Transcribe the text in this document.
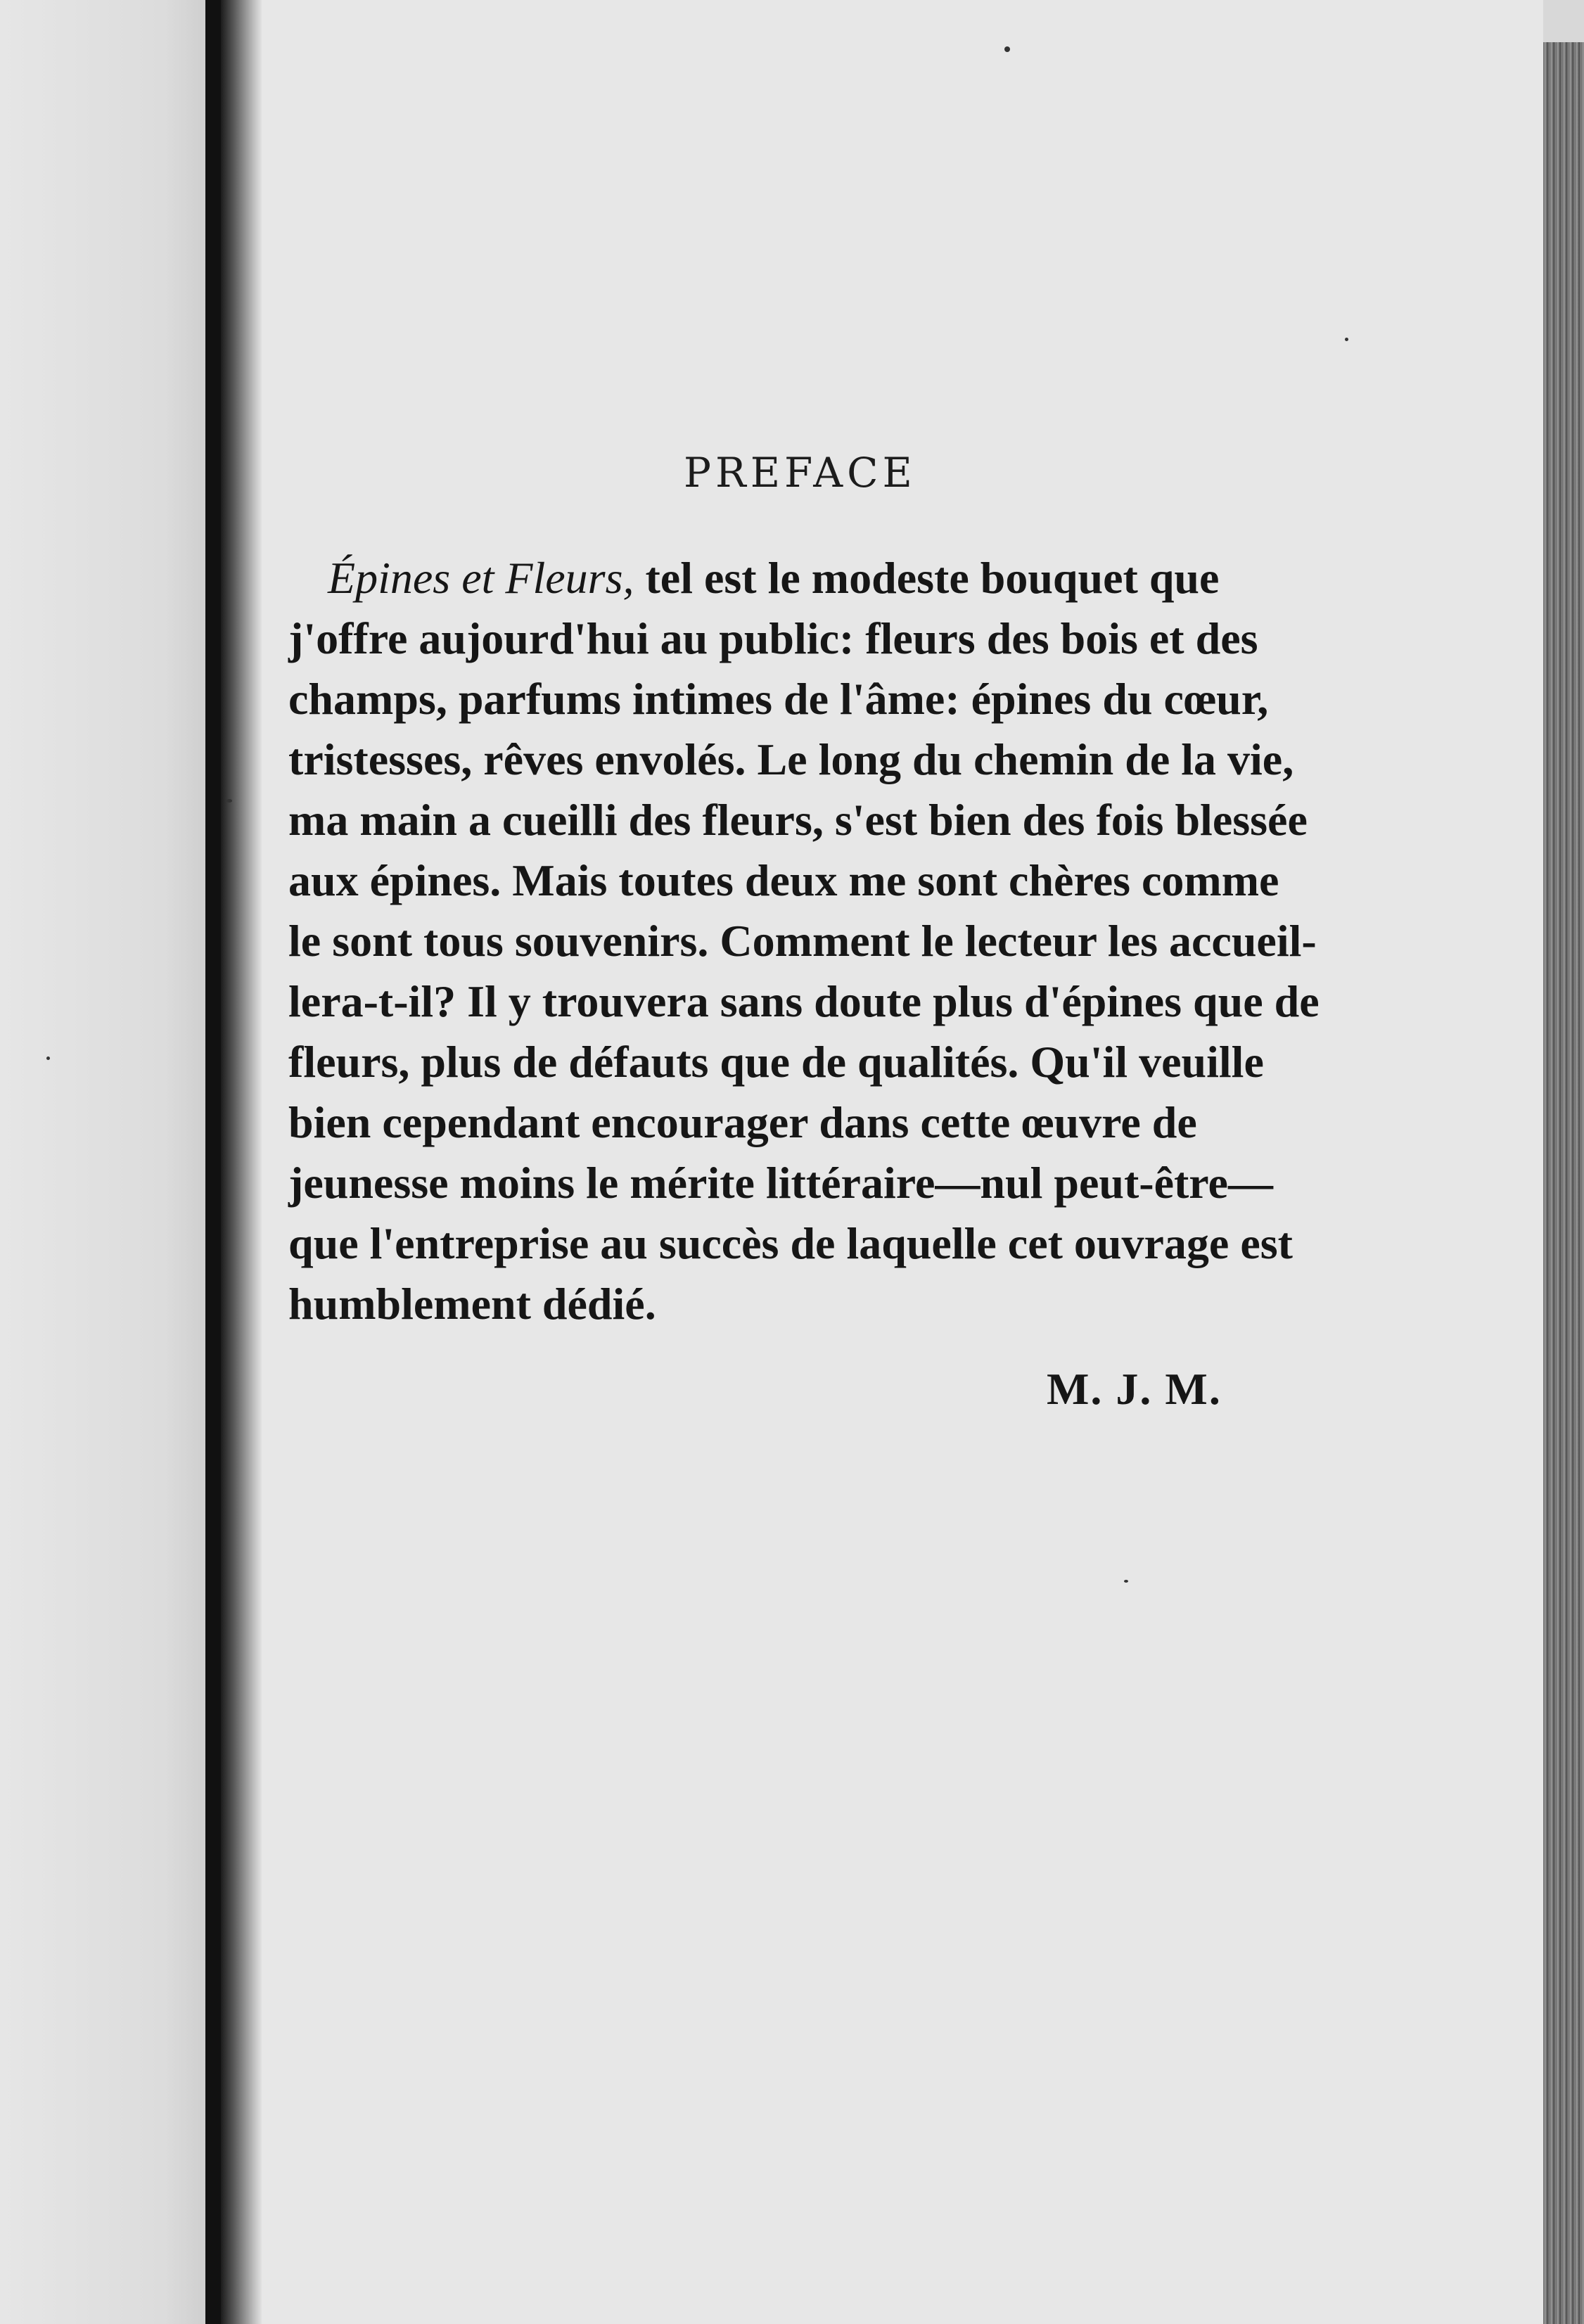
PREFACE
Épines et Fleurs, tel est le modeste bouquet que
j'offre aujourd'hui au public: fleurs des bois et des
champs, parfums intimes de l'âme: épines du cœur,
tristesses, rêves envolés. Le long du chemin de la vie,
ma main a cueilli des fleurs, s'est bien des fois blessée
aux épines. Mais toutes deux me sont chères comme
le sont tous souvenirs. Comment le lecteur les accueil-
lera-t-il? Il y trouvera sans doute plus d'épines que de
fleurs, plus de défauts que de qualités. Qu'il veuille
bien cependant encourager dans cette œuvre de
jeunesse moins le mérite littéraire—nul peut-être—
que l'entreprise au succès de laquelle cet ouvrage est
humblement dédié.
M. J. M.
